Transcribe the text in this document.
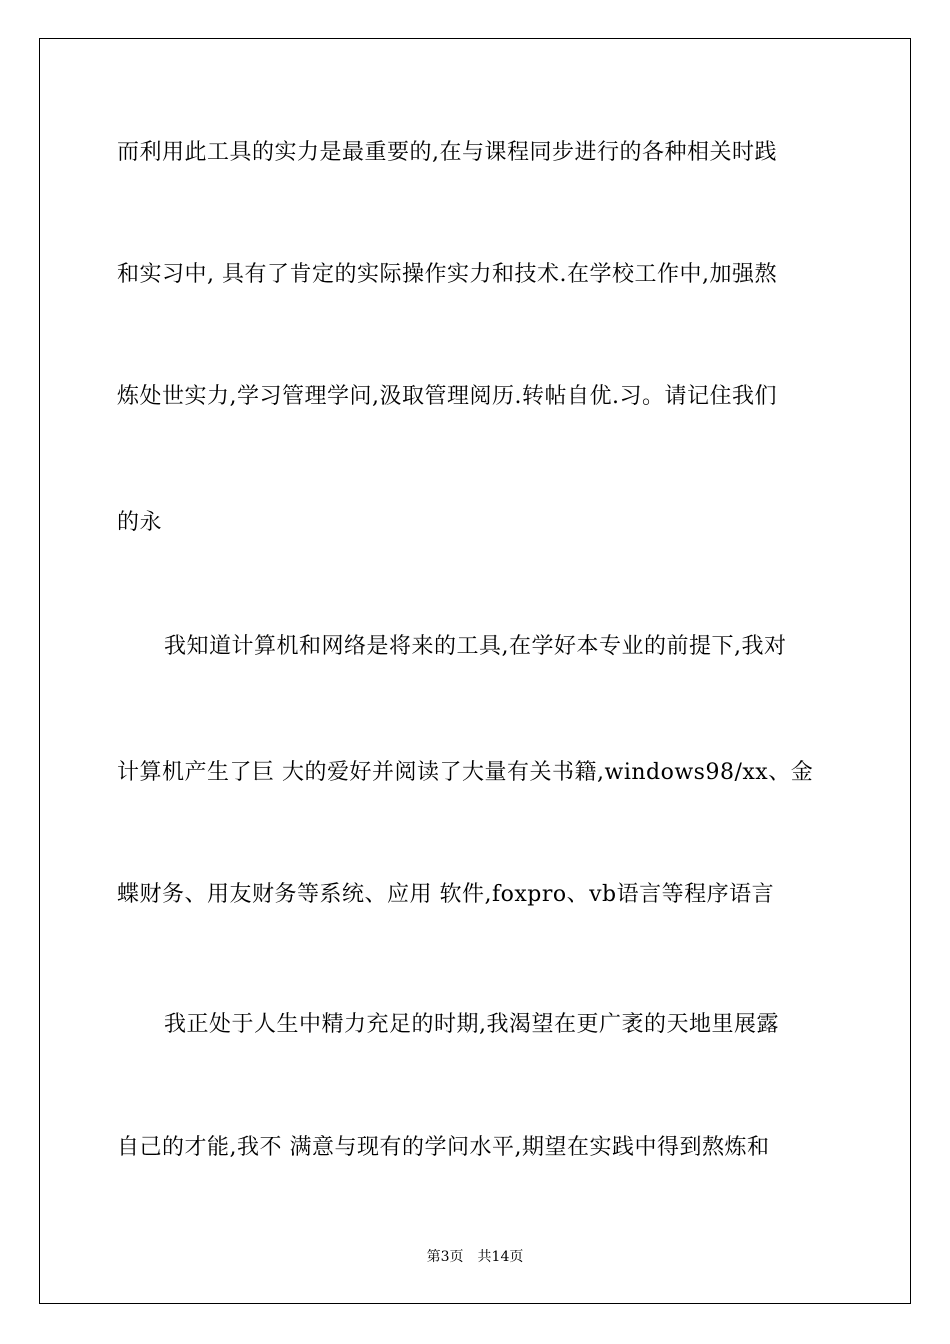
而利用此工具的实力是最重要的,在与课程同步进行的各种相关时践
和实习中, 具有了肯定的实际操作实力和技术.在学校工作中,加强熬
炼处世实力,学习管理学问,汲取管理阅历.转帖自优.习。请记住我们
的永
我知道计算机和网络是将来的工具,在学好本专业的前提下,我对
计算机产生了巨 大的爱好并阅读了大量有关书籍,windows98/xx、金
蝶财务、用友财务等系统、应用 软件,foxpro、vb语言等程序语言
我正处于人生中精力充足的时期,我渴望在更广袤的天地里展露
自己的才能,我不 满意与现有的学问水平,期望在实践中得到熬炼和
第3页 共14页
